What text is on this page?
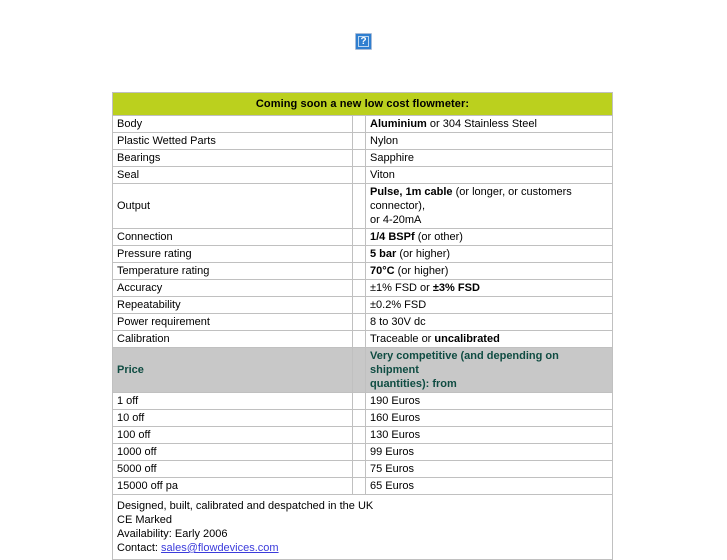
?
Coming soon a new low cost flowmeter:		
Body		Aluminium or 304 Stainless Steel
Plastic Wetted Parts		Nylon
Bearings		Sapphire
Seal		Viton
Output		Pulse, 1m cable (or longer, or customers connector),
or 4-20mA
Connection		1/4 BSPf (or other)
Pressure rating		5 bar (or higher)
Temperature rating		70°C (or higher)
Accuracy		±1% FSD or ±3% FSD
Repeatability		±0.2% FSD
Power requirement		8 to 30V dc
Calibration		Traceable or uncalibrated
Price		Very competitive (and depending on shipment
quantities): from
1 off		190 Euros
10 off		160 Euros
100 off		130 Euros
1000 off		99 Euros
5000 off		75 Euros
15000 off pa		65 Euros

Designed, built, calibrated and despatched in the UK
CE Marked
Availability: Early 2006
Contact: sales@flowdevices.com		
